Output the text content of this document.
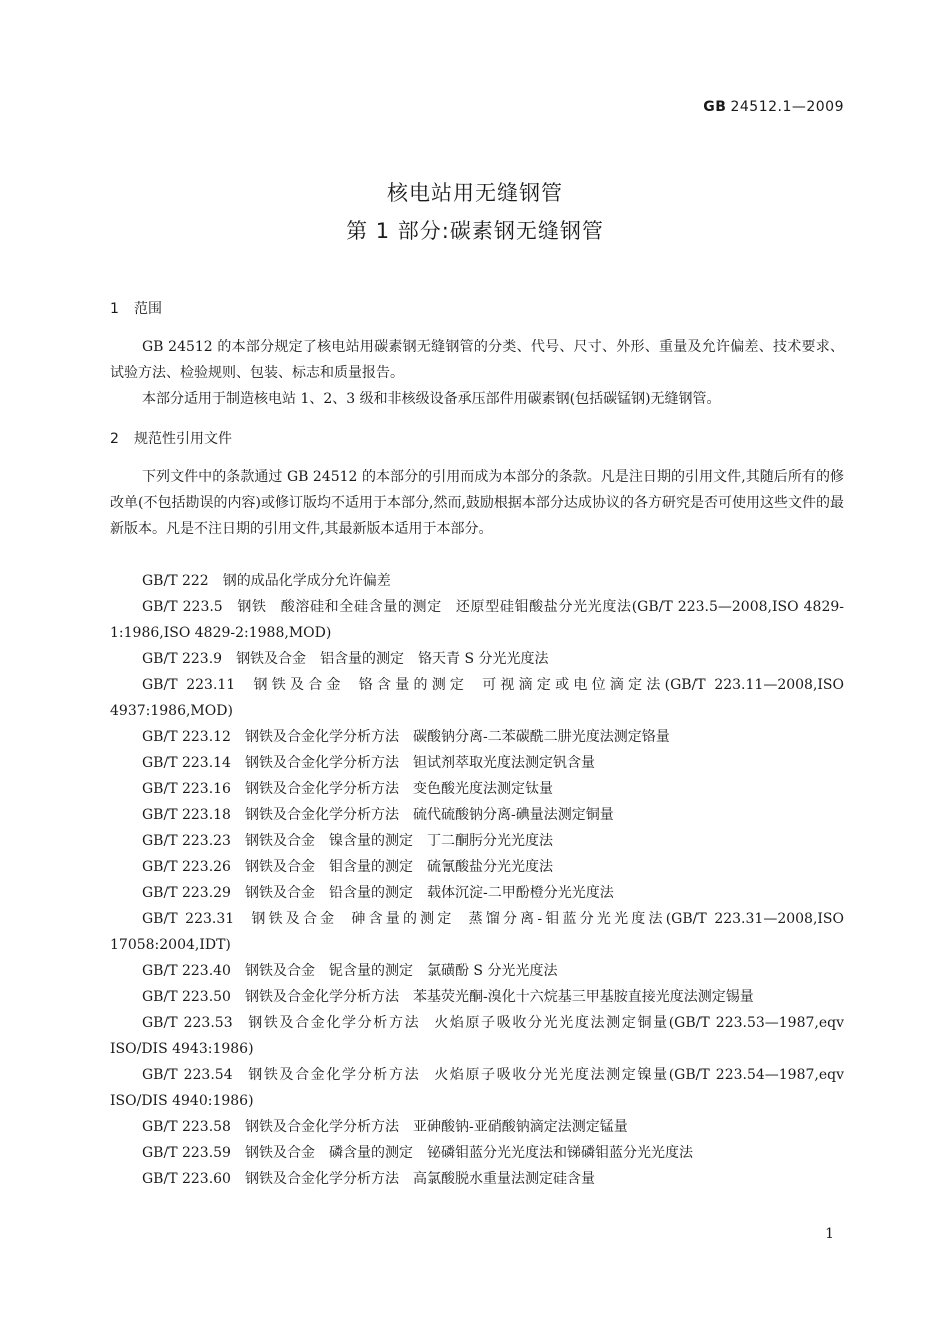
GB 24512.1—2009
核电站用无缝钢管
第 1 部分:碳素钢无缝钢管
1 范围
GB 24512 的本部分规定了核电站用碳素钢无缝钢管的分类、代号、尺寸、外形、重量及允许偏差、技术要求、试验方法、检验规则、包装、标志和质量报告。
本部分适用于制造核电站 1、2、3 级和非核级设备承压部件用碳素钢(包括碳锰钢)无缝钢管。
2 规范性引用文件
下列文件中的条款通过 GB 24512 的本部分的引用而成为本部分的条款。凡是注日期的引用文件,其随后所有的修改单(不包括勘误的内容)或修订版均不适用于本部分,然而,鼓励根据本部分达成协议的各方研究是否可使用这些文件的最新版本。凡是不注日期的引用文件,其最新版本适用于本部分。

GB/T 222 钢的成品化学成分允许偏差

GB/T 223.5 钢铁 酸溶硅和全硅含量的测定 还原型硅钼酸盐分光光度法(GB/T 223.5—2008,ISO 4829-1:1986,ISO 4829-2:1988,MOD)

GB/T 223.9 钢铁及合金 铝含量的测定 铬天青 S 分光光度法

GB/T 223.11 钢铁及合金 铬含量的测定 可视滴定或电位滴定法(GB/T 223.11—2008,ISO 4937:1986,MOD)

GB/T 223.12 钢铁及合金化学分析方法 碳酸钠分离-二苯碳酰二肼光度法测定铬量

GB/T 223.14 钢铁及合金化学分析方法 钽试剂萃取光度法测定钒含量

GB/T 223.16 钢铁及合金化学分析方法 变色酸光度法测定钛量

GB/T 223.18 钢铁及合金化学分析方法 硫代硫酸钠分离-碘量法测定铜量

GB/T 223.23 钢铁及合金 镍含量的测定 丁二酮肟分光光度法

GB/T 223.26 钢铁及合金 钼含量的测定 硫氰酸盐分光光度法

GB/T 223.29 钢铁及合金 铅含量的测定 载体沉淀-二甲酚橙分光光度法

GB/T 223.31 钢铁及合金 砷含量的测定 蒸馏分离-钼蓝分光光度法(GB/T 223.31—2008,ISO 17058:2004,IDT)

GB/T 223.40 钢铁及合金 铌含量的测定 氯磺酚 S 分光光度法

GB/T 223.50 钢铁及合金化学分析方法 苯基荧光酮-溴化十六烷基三甲基胺直接光度法测定锡量

GB/T 223.53 钢铁及合金化学分析方法 火焰原子吸收分光光度法测定铜量(GB/T 223.53—1987,eqv ISO/DIS 4943:1986)

GB/T 223.54 钢铁及合金化学分析方法 火焰原子吸收分光光度法测定镍量(GB/T 223.54—1987,eqv ISO/DIS 4940:1986)

GB/T 223.58 钢铁及合金化学分析方法 亚砷酸钠-亚硝酸钠滴定法测定锰量

GB/T 223.59 钢铁及合金 磷含量的测定 铋磷钼蓝分光光度法和锑磷钼蓝分光光度法

GB/T 223.60 钢铁及合金化学分析方法 高氯酸脱水重量法测定硅含量

1
